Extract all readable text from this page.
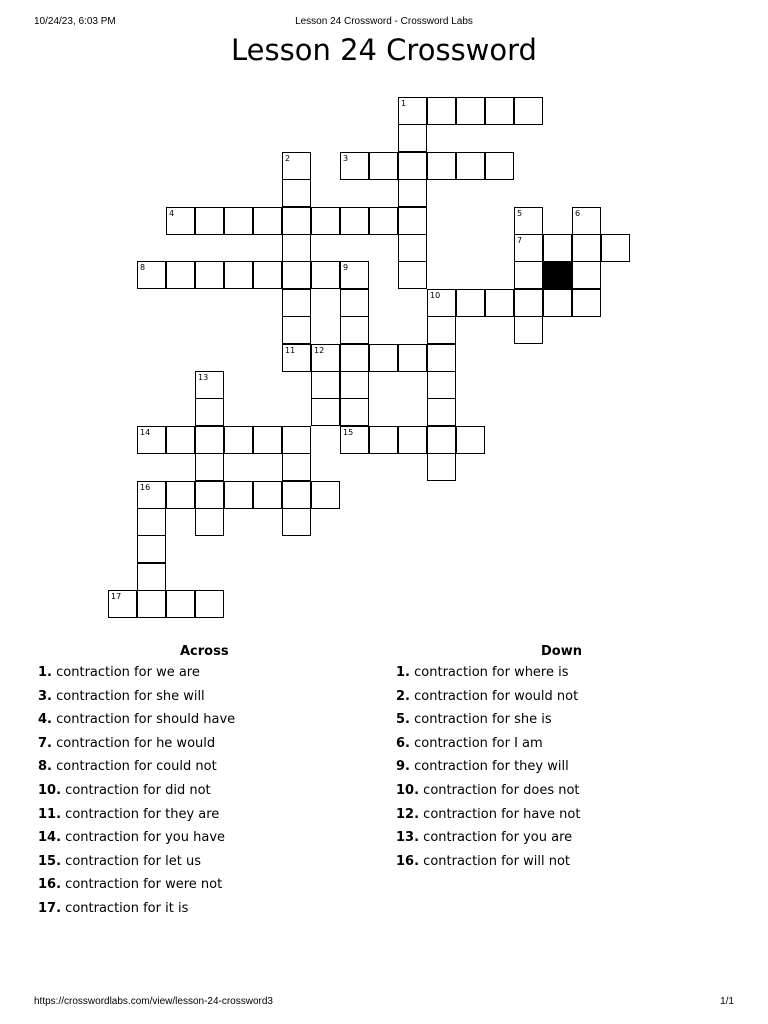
10/24/23, 6:03 PM	Lesson 24 Crossword - Crossword Labs
Lesson 24 Crossword
1
2	3
4	5	6
7
8	9
10
11 12
13
14	15
16
17
Across	Down
1. contraction for we are
3. contraction for she will
4. contraction for should have
7. contraction for he would
8. contraction for could not
10. contraction for did not
11. contraction for they are
14. contraction for you have
15. contraction for let us
16. contraction for were not
17. contraction for it is
1. contraction for where is
2. contraction for would not
5. contraction for she is
6. contraction for I am
9. contraction for they will
10. contraction for does not
12. contraction for have not
13. contraction for you are
16. contraction for will not
https://crosswordlabs.com/view/lesson-24-crossword3	1/1
